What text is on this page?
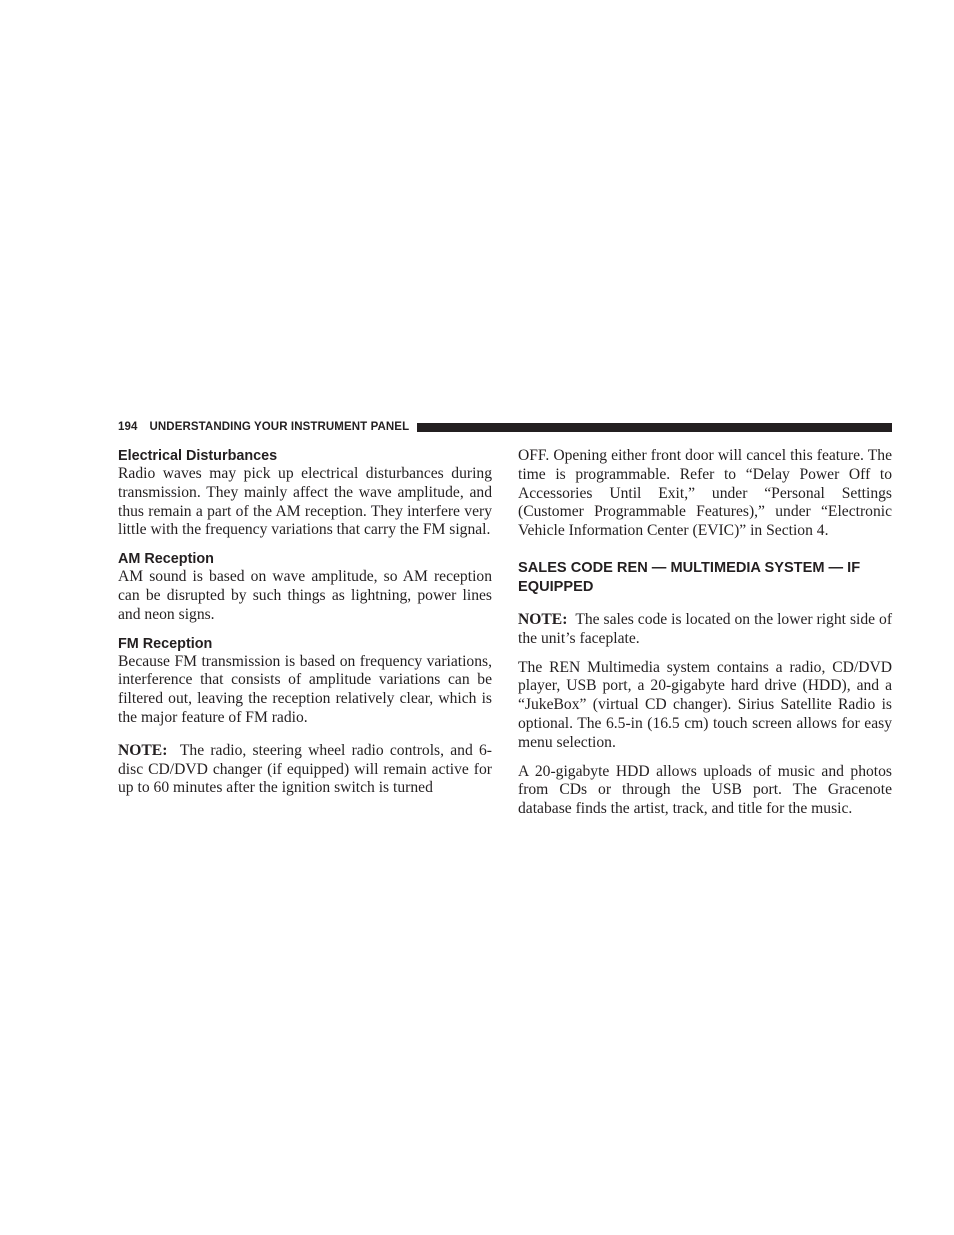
194 UNDERSTANDING YOUR INSTRUMENT PANEL
Electrical Disturbances

Radio waves may pick up electrical disturbances during transmission. They mainly affect the wave amplitude, and thus remain a part of the AM reception. They interfere very little with the frequency variations that carry the FM signal.

AM Reception

AM sound is based on wave amplitude, so AM reception can be disrupted by such things as lightning, power lines and neon signs.

FM Reception

Because FM transmission is based on frequency variations, interference that consists of amplitude variations can be filtered out, leaving the reception relatively clear, which is the major feature of FM radio.

NOTE: The radio, steering wheel radio controls, and 6-disc CD/DVD changer (if equipped) will remain active for up to 60 minutes after the ignition switch is turned

OFF. Opening either front door will cancel this feature. The time is programmable. Refer to “Delay Power Off to Accessories Until Exit,” under “Personal Settings (Customer Programmable Features),” under “Electronic Vehicle Information Center (EVIC)” in Section 4.

SALES CODE REN — MULTIMEDIA SYSTEM — IF EQUIPPED

NOTE: The sales code is located on the lower right side of the unit’s faceplate.

The REN Multimedia system contains a radio, CD/DVD player, USB port, a 20-gigabyte hard drive (HDD), and a “JukeBox” (virtual CD changer). Sirius Satellite Radio is optional. The 6.5-in (16.5 cm) touch screen allows for easy menu selection.

A 20-gigabyte HDD allows uploads of music and photos from CDs or through the USB port. The Gracenote database finds the artist, track, and title for the music.
